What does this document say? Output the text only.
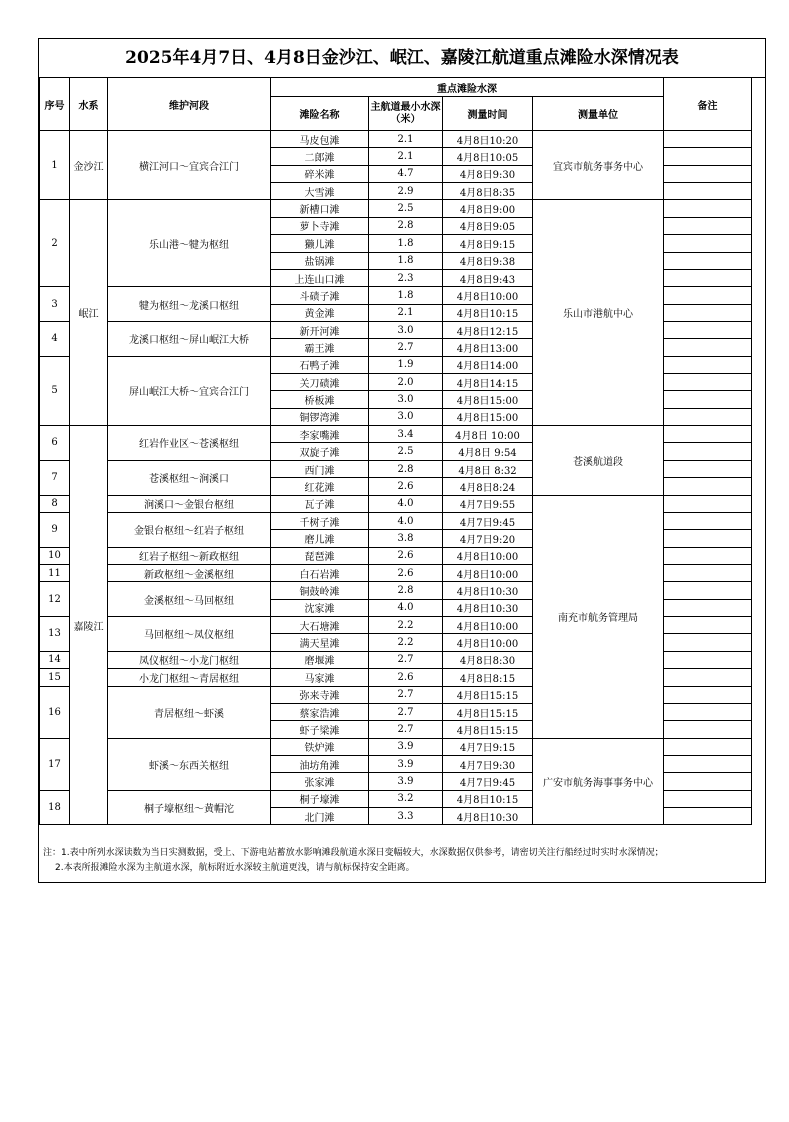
2025年4月7日、4月8日金沙江、岷江、嘉陵江航道重点滩险水深情况表
序号	水系	维护河段	重点滩险水深				备注
			滩险名称	主航道最小水深（米）	测量时间	测量单位	
1	金沙江	横江河口～宜宾合江门	马皮包滩	2.1	4月8日10:20	宜宾市航务事务中心	
			二郎滩	2.1	4月8日10:05		
			碎米滩	4.7	4月8日9:30		
			大雪滩	2.9	4月8日8:35		
2	岷江	乐山港～犍为枢纽	新槽口滩	2.5	4月8日9:00	乐山市港航中心	
			萝卜寺滩	2.8	4月8日9:05		
			獭儿滩	1.8	4月8日9:15		
			盐锅滩	1.8	4月8日9:38		
			上连山口滩	2.3	4月8日9:43		
3		犍为枢纽～龙溪口枢纽	斗碛子滩	1.8	4月8日10:00		
			黄金滩	2.1	4月8日10:15		
4		龙溪口枢纽～屏山岷江大桥	新开河滩	3.0	4月8日12:15		
			霸王滩	2.7	4月8日13:00		
5		屏山岷江大桥～宜宾合江门	石鸭子滩	1.9	4月8日14:00		
			关刀碛滩	2.0	4月8日14:15		
			桥板滩	3.0	4月8日15:00		
			铜锣湾滩	3.0	4月8日15:00		
6	嘉陵江	红岩作业区～苍溪枢纽	李家嘴滩	3.4	4月8日 10:00	苍溪航道段	
			双旋子滩	2.5	4月8日 9:54		
7		苍溪枢纽～涧溪口	西门滩	2.8	4月8日 8:32		
			红花滩	2.6	4月8日8:24		
8		涧溪口～金银台枢纽	瓦子滩	4.0	4月7日9:55	南充市航务管理局	
9		金银台枢纽～红岩子枢纽	千树子滩	4.0	4月7日9:45		
			磨儿滩	3.8	4月7日9:20		
10		红岩子枢纽～新政枢纽	琵琶滩	2.6	4月8日10:00		
11		新政枢纽～金溪枢纽	白石岩滩	2.6	4月8日10:00		
12		金溪枢纽～马回枢纽	铜鼓岭滩	2.8	4月8日10:30		
			沈家滩	4.0	4月8日10:30		
13		马回枢纽～凤仪枢纽	大石塘滩	2.2	4月8日10:00		
			满天星滩	2.2	4月8日10:00		
14		凤仪枢纽～小龙门枢纽	磨堰滩	2.7	4月8日8:30		
15		小龙门枢纽～青居枢纽	马家滩	2.6	4月8日8:15		
16		青居枢纽～虾溪	弥来寺滩	2.7	4月8日15:15		
			蔡家浩滩	2.7	4月8日15:15		
			虾子梁滩	2.7	4月8日15:15		
17		虾溪～东西关枢纽	铁炉滩	3.9	4月7日9:15	广安市航务海事事务中心	
			油坊角滩	3.9	4月7日9:30		
			张家滩	3.9	4月7日9:45		
18		桐子壕枢纽～黄帽沱	桐子壕滩	3.2	4月8日10:15		
			北门滩	3.3	4月8日10:30		
注：1.表中所列水深读数为当日实测数据，受上、下游电站蓄放水影响滩段航道水深日变幅较大，水深数据仅供参考，请密切关注行船经过时实时水深情况；
2.本表所报滩险水深为主航道水深，航标附近水深较主航道更浅，请与航标保持安全距离。
